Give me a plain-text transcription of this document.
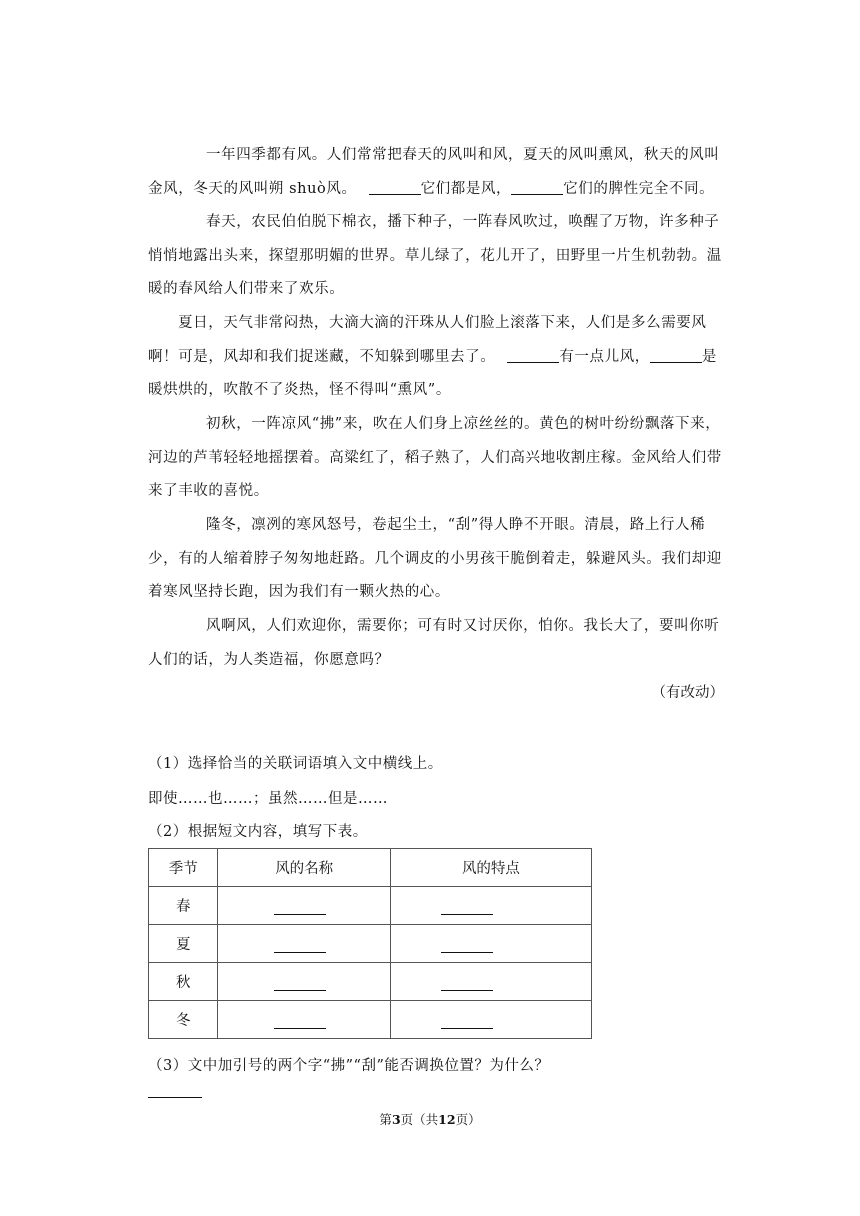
一年四季都有风。人们常常把春天的风叫和风，夏天的风叫熏风，秋天的风叫金风，冬天的风叫朔 shuò风。	它们都是风，	它们的脾性完全不同。

春天，农民伯伯脱下棉衣，播下种子，一阵春风吹过，唤醒了万物，许多种子悄悄地露出头来，探望那明媚的世界。草儿绿了，花儿开了，田野里一片生机勃勃。温暖的春风给人们带来了欢乐。

夏日，天气非常闷热，大滴大滴的汗珠从人们脸上滚落下来，人们是多么需要风啊！可是，风却和我们捉迷藏，不知躲到哪里去了。	有一点儿风，	是暖烘烘的，吹散不了炎热，怪不得叫“熏风”。

初秋，一阵凉风“拂”来，吹在人们身上凉丝丝的。黄色的树叶纷纷飘落下来，河边的芦苇轻轻地摇摆着。高粱红了，稻子熟了，人们高兴地收割庄稼。金风给人们带来了丰收的喜悦。

隆冬，凛冽的寒风怒号，卷起尘土，“刮”得人睁不开眼。清晨，路上行人稀少，有的人缩着脖子匆匆地赶路。几个调皮的小男孩干脆倒着走，躲避风头。我们却迎着寒风坚持长跑，因为我们有一颗火热的心。

风啊风，人们欢迎你，需要你；可有时又讨厌你，怕你。我长大了，要叫你听人们的话，为人类造福，你愿意吗？

（有改动）

（1）选择恰当的关联词语填入文中横线上。

即使……也……；虽然……但是……

（2）根据短文内容，填写下表。

季节	风的名称	风的特点
春		
夏		
秋		
冬		

（3）文中加引号的两个字“拂”“刮”能否调换位置？为什么？

第3页（共12页）
